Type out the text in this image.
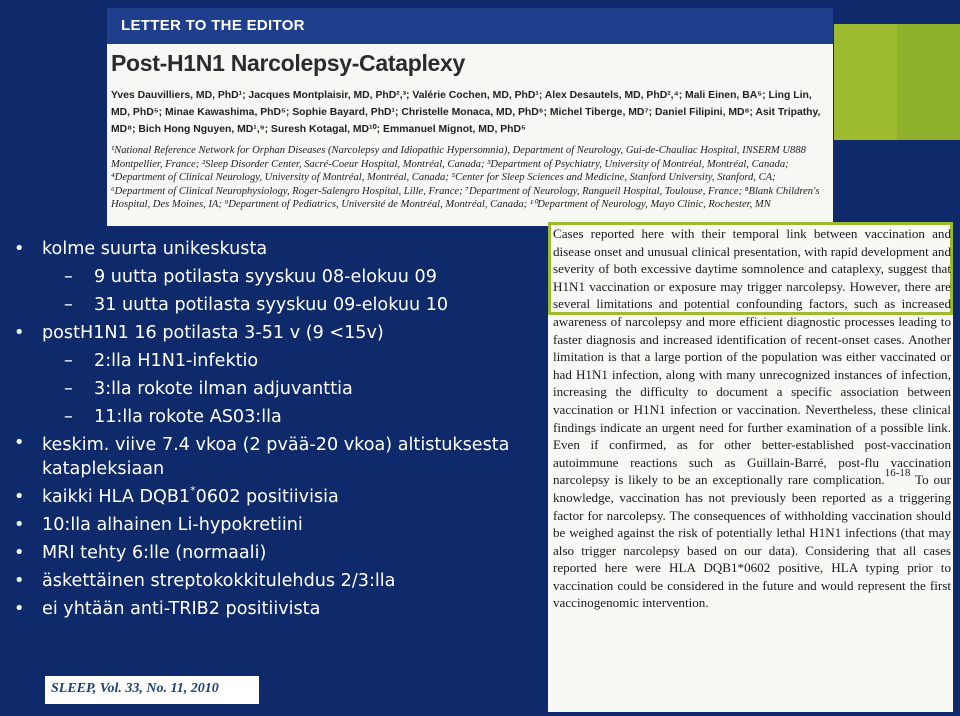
LETTER TO THE EDITOR
Post-H1N1 Narcolepsy-Cataplexy
Yves Dauvilliers, MD, PhD¹; Jacques Montplaisir, MD, PhD²,³; Valérie Cochen, MD, PhD¹; Alex Desautels, MD, PhD²,⁴; Mali Einen, BA⁵; Ling Lin, MD, PhD⁵; Minae Kawashima, PhD⁵; Sophie Bayard, PhD¹; Christelle Monaca, MD, PhD⁶; Michel Tiberge, MD⁷; Daniel Filipini, MD⁸; Asit Tripathy, MD⁸; Bich Hong Nguyen, MD¹,⁹; Suresh Kotagal, MD¹⁰; Emmanuel Mignot, MD, PhD⁵
¹National Reference Network for Orphan Diseases (Narcolepsy and Idiopathic Hypersomnia), Department of Neurology, Gui-de-Chauliac Hospital, INSERM U888 Montpellier, France; ²Sleep Disorder Center, Sacré-Coeur Hospital, Montréal, Canada; ³Department of Psychiatry, University of Montréal, Montréal, Canada; ⁴Department of Clinical Neurology, University of Montréal, Montréal, Canada; ⁵Center for Sleep Sciences and Medicine, Stanford University, Stanford, CA; ⁶Department of Clinical Neurophysiology, Roger-Salengro Hospital, Lille, France; ⁷Department of Neurology, Rangueil Hospital, Toulouse, France; ⁸Blank Children's Hospital, Des Moines, IA; ⁹Department of Pediatrics, Université de Montréal, Montréal, Canada; ¹⁰Department of Neurology, Mayo Clinic, Rochester, MN
• kolme suurta unikeskusta
– 9 uutta potilasta syyskuu 08-elokuu 09
– 31 uutta potilasta syyskuu 09-elokuu 10
• postH1N1 16 potilasta 3-51 v (9 <15v)
– 2:lla H1N1-infektio
– 3:lla rokote ilman adjuvanttia
– 11:lla rokote AS03:lla
• keskim. viive 7.4 vkoa (2 pvää-20 vkoa) altistuksesta katapleksiaan
• kaikki HLA DQB1*0602 positiivisia
• 10:lla alhainen Li-hypokretiini
• MRI tehty 6:lle (normaali)
• äskettäinen streptokokkitulehdus 2/3:lla
• ei yhtään anti-TRIB2 positiivista
SLEEP, Vol. 33, No. 11, 2010
Cases reported here with their temporal link between vaccination and disease onset and unusual clinical presentation, with rapid development and severity of both excessive daytime somnolence and cataplexy, suggest that H1N1 vaccination or exposure may trigger narcolepsy. However, there are several limitations and potential confounding factors, such as increased awareness of narcolepsy and more efficient diagnostic processes leading to faster diagnosis and increased identification of recent-onset cases. Another limitation is that a large portion of the population was either vaccinated or had H1N1 infection, along with many unrecognized instances of infection, increasing the difficulty to document a specific association between vaccination or H1N1 infection or vaccination. Nevertheless, these clinical findings indicate an urgent need for further examination of a possible link. Even if confirmed, as for other better-established post-vaccination autoimmune reactions such as Guillain-Barré, post-flu vaccination narcolepsy is likely to be an exceptionally rare complication.$^{16-18}$ To our knowledge, vaccination has not previously been reported as a triggering factor for narcolepsy. The consequences of withholding vaccination should be weighed against the risk of potentially lethal H1N1 infections (that may also trigger narcolepsy based on our data). Considering that all cases reported here were HLA DQB1*0602 positive, HLA typing prior to vaccination could be considered in the future and would represent the first vaccinogenomic intervention.
